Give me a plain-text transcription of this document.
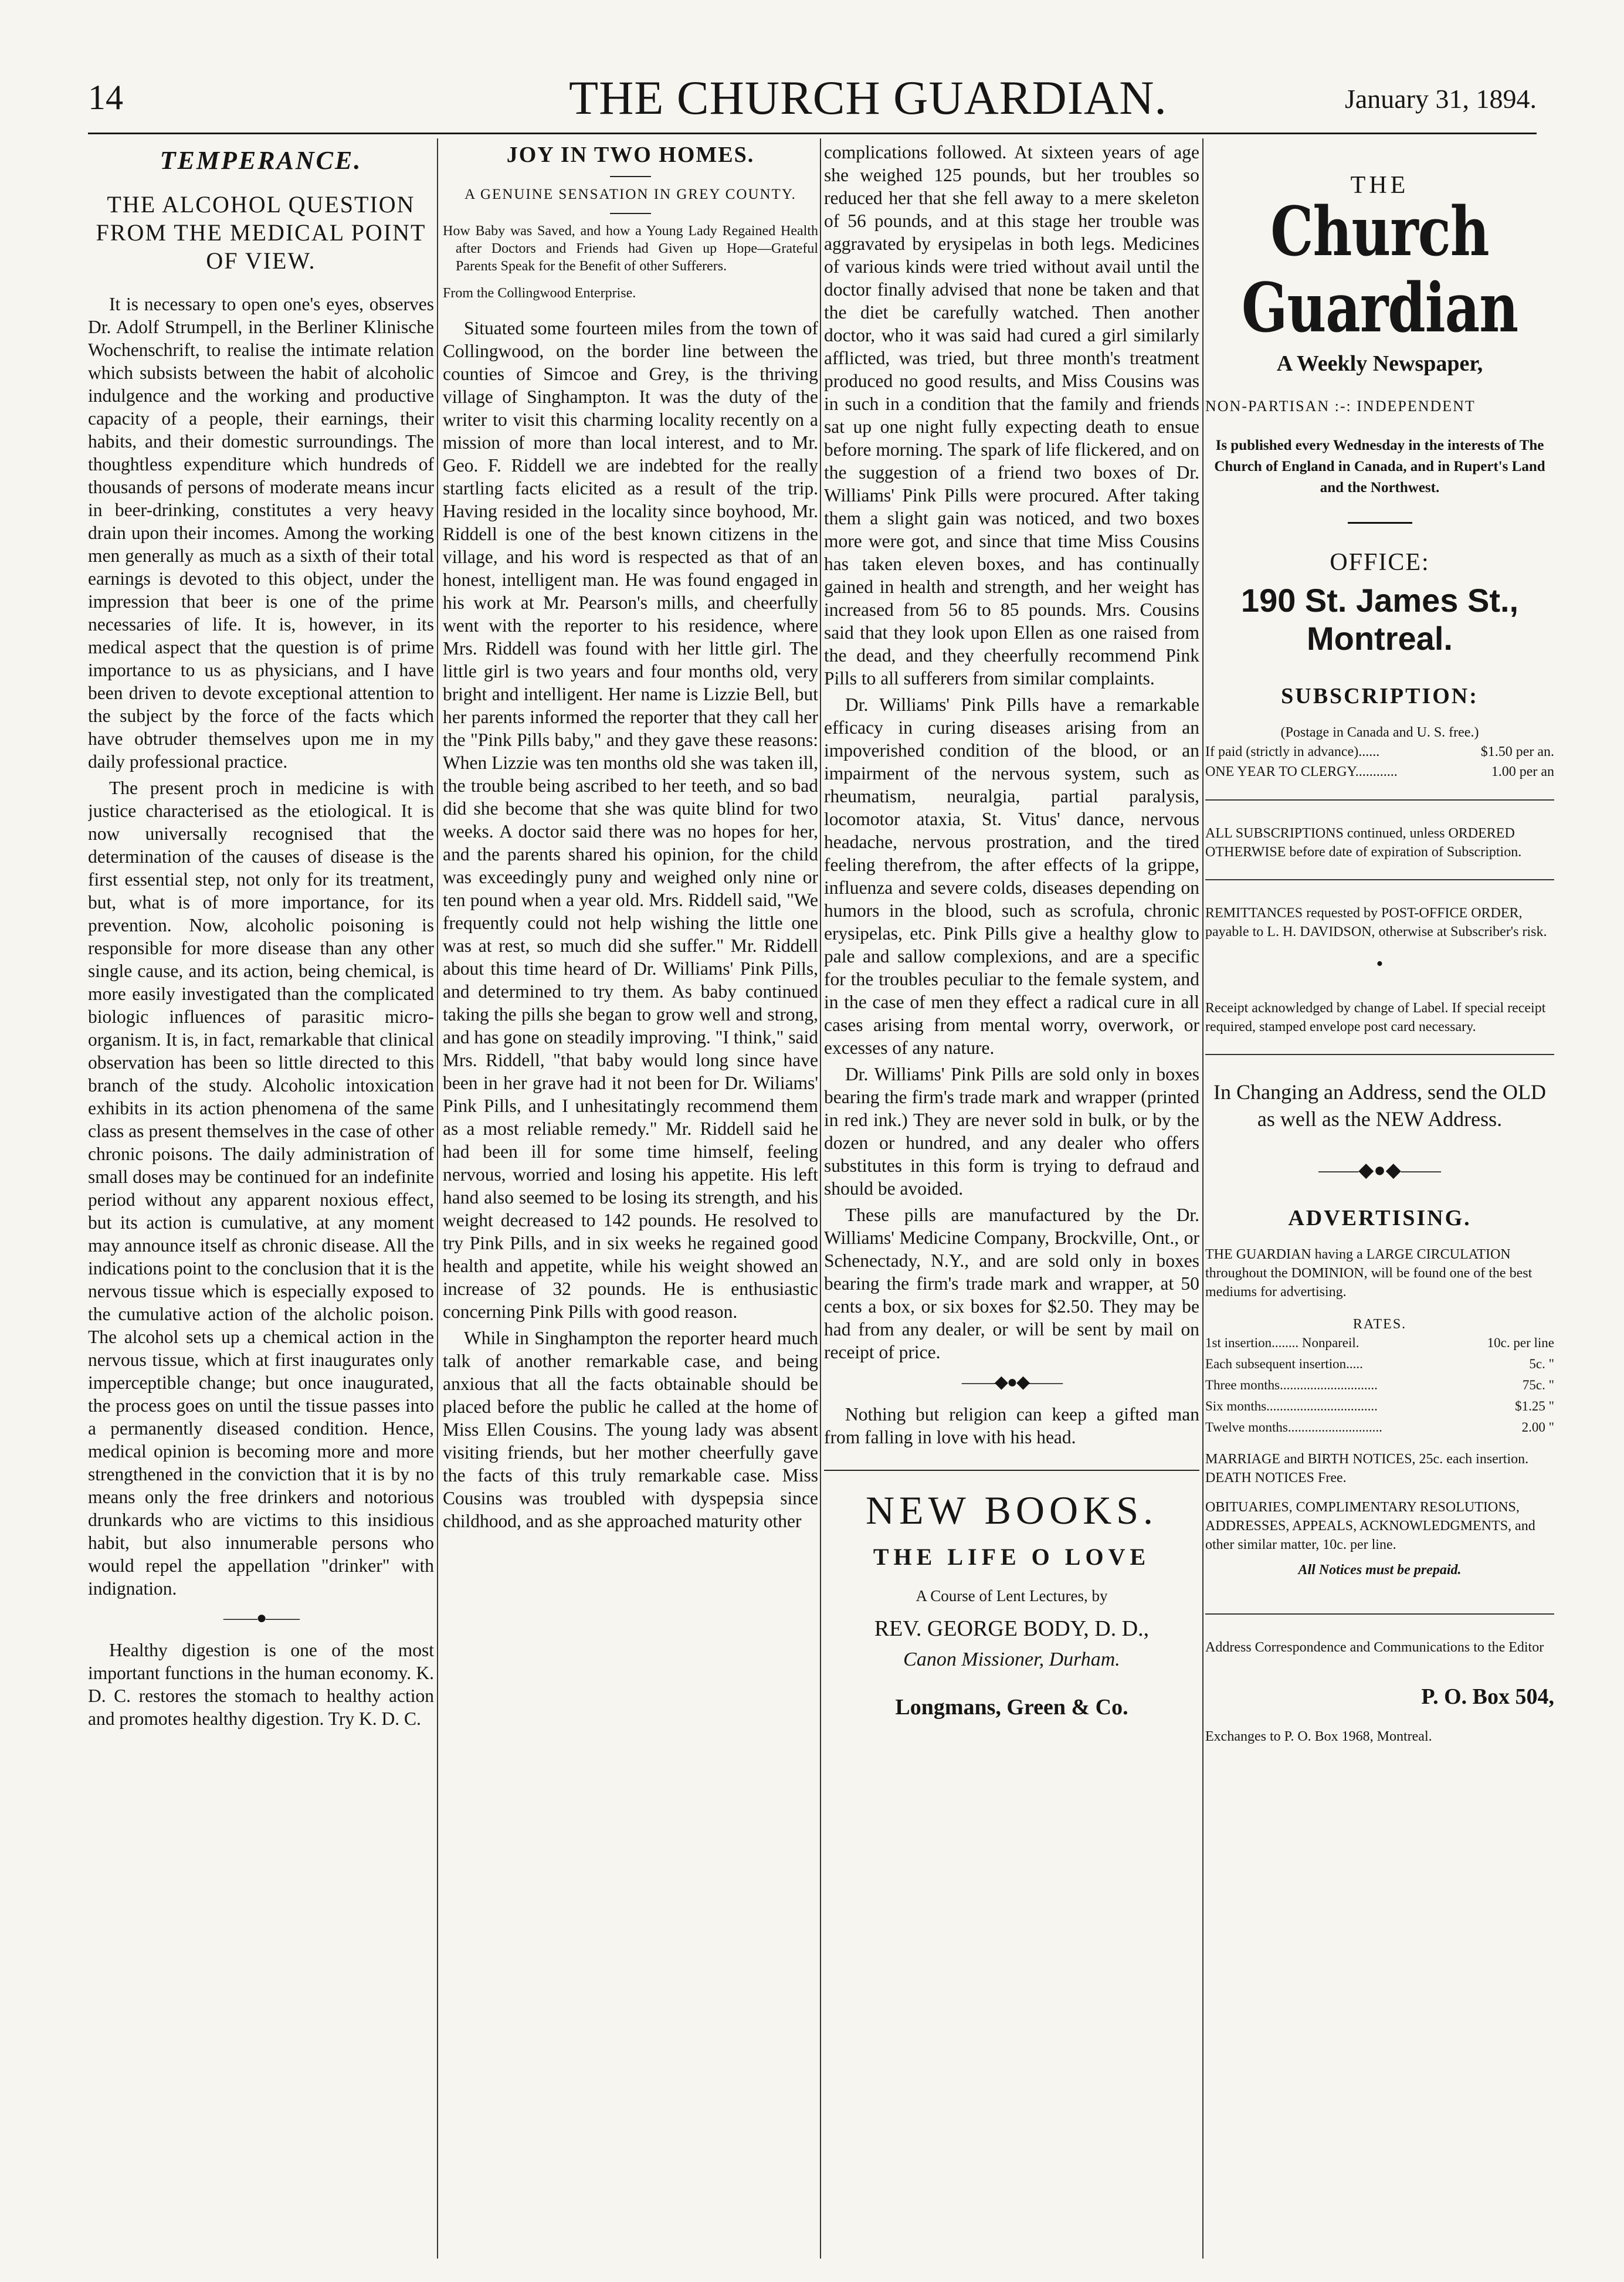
14	THE CHURCH GUARDIAN.	January 31, 1894.
TEMPERANCE.
THE ALCOHOL QUESTION FROM THE MEDICAL POINT OF VIEW.

It is necessary to open one's eyes, observes Dr. Adolf Strumpell, in the Berliner Klinische Wochenschrift, to realise the intimate relation which subsists between the habit of alcoholic indulgence and the working and productive capacity of a people, their earnings, their habits, and their domestic surroundings. The thoughtless expenditure which hundreds of thousands of persons of moderate means incur in beer-drinking, constitutes a very heavy drain upon their incomes. Among the working men generally as much as a sixth of their total earnings is devoted to this object, under the impression that beer is one of the prime necessaries of life. It is, however, in its medical aspect that the question is of prime importance to us as physicians, and I have been driven to devote exceptional attention to the subject by the force of the facts which have obtruder themselves upon me in my daily professional practice.

The present proch in medicine is with justice characterised as the etiological. It is now universally recognised that the determination of the causes of disease is the first essential step, not only for its treatment, but, what is of more importance, for its prevention. Now, alcoholic poisoning is responsible for more disease than any other single cause, and its action, being chemical, is more easily investigated than the complicated biologic influences of parasitic micro-organism. It is, in fact, remarkable that clinical observation has been so little directed to this branch of the study. Alcoholic intoxication exhibits in its action phenomena of the same class as present themselves in the case of other chronic poisons. The daily administration of small doses may be continued for an indefinite period without any apparent noxious effect, but its action is cumulative, at any moment may announce itself as chronic disease. All the indications point to the conclusion that it is the nervous tissue which is especially exposed to the cumulative action of the alcholic poison. The alcohol sets up a chemical action in the nervous tissue, which at first inaugurates only imperceptible change; but once inaugurated, the process goes on until the tissue passes into a permanently diseased condition. Hence, medical opinion is becoming more and more strengthened in the conviction that it is by no means only the free drinkers and notorious drunkards who are victims to this insidious habit, but also innumerable persons who would repel the appellation "drinker" with indignation.

——●——

Healthy digestion is one of the most important functions in the human economy. K. D. C. restores the stomach to healthy action and promotes healthy digestion. Try K. D. C.

JOY IN TWO HOMES.
A GENUINE SENSATION IN GREY COUNTY.

How Baby was Saved, and how a Young Lady Regained Health after Doctors and Friends had Given up Hope—Grateful Parents Speak for the Benefit of other Sufferers.

From the Collingwood Enterprise.

Situated some fourteen miles from the town of Collingwood, on the border line between the counties of Simcoe and Grey, is the thriving village of Singhampton. It was the duty of the writer to visit this charming locality recently on a mission of more than local interest, and to Mr. Geo. F. Riddell we are indebted for the really startling facts elicited as a result of the trip. Having resided in the locality since boyhood, Mr. Riddell is one of the best known citizens in the village, and his word is respected as that of an honest, intelligent man. He was found engaged in his work at Mr. Pearson's mills, and cheerfully went with the reporter to his residence, where Mrs. Riddell was found with her little girl. The little girl is two years and four months old, very bright and intelligent. Her name is Lizzie Bell, but her parents informed the reporter that they call her the "Pink Pills baby," and they gave these reasons: When Lizzie was ten months old she was taken ill, the trouble being ascribed to her teeth, and so bad did she become that she was quite blind for two weeks. A doctor said there was no hopes for her, and the parents shared his opinion, for the child was exceedingly puny and weighed only nine or ten pound when a year old. Mrs. Riddell said, "We frequently could not help wishing the little one was at rest, so much did she suffer." Mr. Riddell about this time heard of Dr. Williams' Pink Pills, and determined to try them. As baby continued taking the pills she began to grow well and strong, and has gone on steadily improving. "I think," said Mrs. Riddell, "that baby would long since have been in her grave had it not been for Dr. Wiliams' Pink Pills, and I unhesitatingly recommend them as a most reliable remedy." Mr. Riddell said he had been ill for some time himself, feeling nervous, worried and losing his appetite. His left hand also seemed to be losing its strength, and his weight decreased to 142 pounds. He resolved to try Pink Pills, and in six weeks he regained good health and appetite, while his weight showed an increase of 32 pounds. He is enthusiastic concerning Pink Pills with good reason.

While in Singhampton the reporter heard much talk of another remarkable case, and being anxious that all the facts obtainable should be placed before the public he called at the home of Miss Ellen Cousins. The young lady was absent visiting friends, but her mother cheerfully gave the facts of this truly remarkable case. Miss Cousins was troubled with dyspepsia since childhood, and as she approached maturity other

complications followed. At sixteen years of age she weighed 125 pounds, but her troubles so reduced her that she fell away to a mere skeleton of 56 pounds, and at this stage her trouble was aggravated by erysipelas in both legs. Medicines of various kinds were tried without avail until the doctor finally advised that none be taken and that the diet be carefully watched. Then another doctor, who it was said had cured a girl similarly afflicted, was tried, but three month's treatment produced no good results, and Miss Cousins was in such in a condition that the family and friends sat up one night fully expecting death to ensue before morning. The spark of life flickered, and on the suggestion of a friend two boxes of Dr. Williams' Pink Pills were procured. After taking them a slight gain was noticed, and two boxes more were got, and since that time Miss Cousins has taken eleven boxes, and has continually gained in health and strength, and her weight has increased from 56 to 85 pounds. Mrs. Cousins said that they look upon Ellen as one raised from the dead, and they cheerfully recommend Pink Pills to all sufferers from similar complaints.

Dr. Williams' Pink Pills have a remarkable efficacy in curing diseases arising from an impoverished condition of the blood, or an impairment of the nervous system, such as rheumatism, neuralgia, partial paralysis, locomotor ataxia, St. Vitus' dance, nervous headache, nervous prostration, and the tired feeling therefrom, the after effects of la grippe, influenza and severe colds, diseases depending on humors in the blood, such as scrofula, chronic erysipelas, etc. Pink Pills give a healthy glow to pale and sallow complexions, and are a specific for the troubles peculiar to the female system, and in the case of men they effect a radical cure in all cases arising from mental worry, overwork, or excesses of any nature.

Dr. Williams' Pink Pills are sold only in boxes bearing the firm's trade mark and wrapper (printed in red ink.) They are never sold in bulk, or by the dozen or hundred, and any dealer who offers substitutes in this form is trying to defraud and should be avoided.

These pills are manufactured by the Dr. Williams' Medicine Company, Brockville, Ont., or Schenectady, N.Y., and are sold only in boxes bearing the firm's trade mark and wrapper, at 50 cents a box, or six boxes for $2.50. They may be had from any dealer, or will be sent by mail on receipt of price.

——◆●◆——

Nothing but religion can keep a gifted man from falling in love with his head.

NEW BOOKS.
THE LIFE O LOVE
A Course of Lent Lectures, by
REV. GEORGE BODY, D. D.,
Canon Missioner, Durham.
Longmans, Green & Co.
THE
Church Guardian
A Weekly Newspaper,
NON-PARTISAN :-: INDEPENDENT
Is published every Wednesday in the interests of The Church of England in Canada, and in Rupert's Land and the Northwest.
OFFICE:
190 St. James St., Montreal.
SUBSCRIPTION:
(Postage in Canada and U. S. free.)
If paid (strictly in advance)......	$1.50 per an.
ONE YEAR TO CLERGY............	1.00 per an
ALL SUBSCRIPTIONS continued, unless ORDERED OTHERWISE before date of expiration of Subscription.
REMITTANCES requested by POST-OFFICE ORDER, payable to L. H. DAVIDSON, otherwise at Subscriber's risk.
•
Receipt acknowledged by change of Label. If special receipt required, stamped envelope post card necessary.
In Changing an Address, send the OLD as well as the NEW Address.
——◆●◆——
ADVERTISING.
THE GUARDIAN having a LARGE CIRCULATION throughout the DOMINION, will be found one of the best mediums for advertising.
RATES.
1st insertion........ Nonpareil.	10c. per line
Each subsequent insertion.....	5c. "
Three months.............................	75c. "
Six months.................................	$1.25 "
Twelve months............................	2.00 "
MARRIAGE and BIRTH NOTICES, 25c. each insertion. DEATH NOTICES Free.
OBITUARIES, COMPLIMENTARY RESOLUTIONS, ADDRESSES, APPEALS, ACKNOWLEDGMENTS, and other similar matter, 10c. per line.
All Notices must be prepaid.
Address Correspondence and Communications to the Editor
P. O. Box 504,
Exchanges to P. O. Box 1968, Montreal.
